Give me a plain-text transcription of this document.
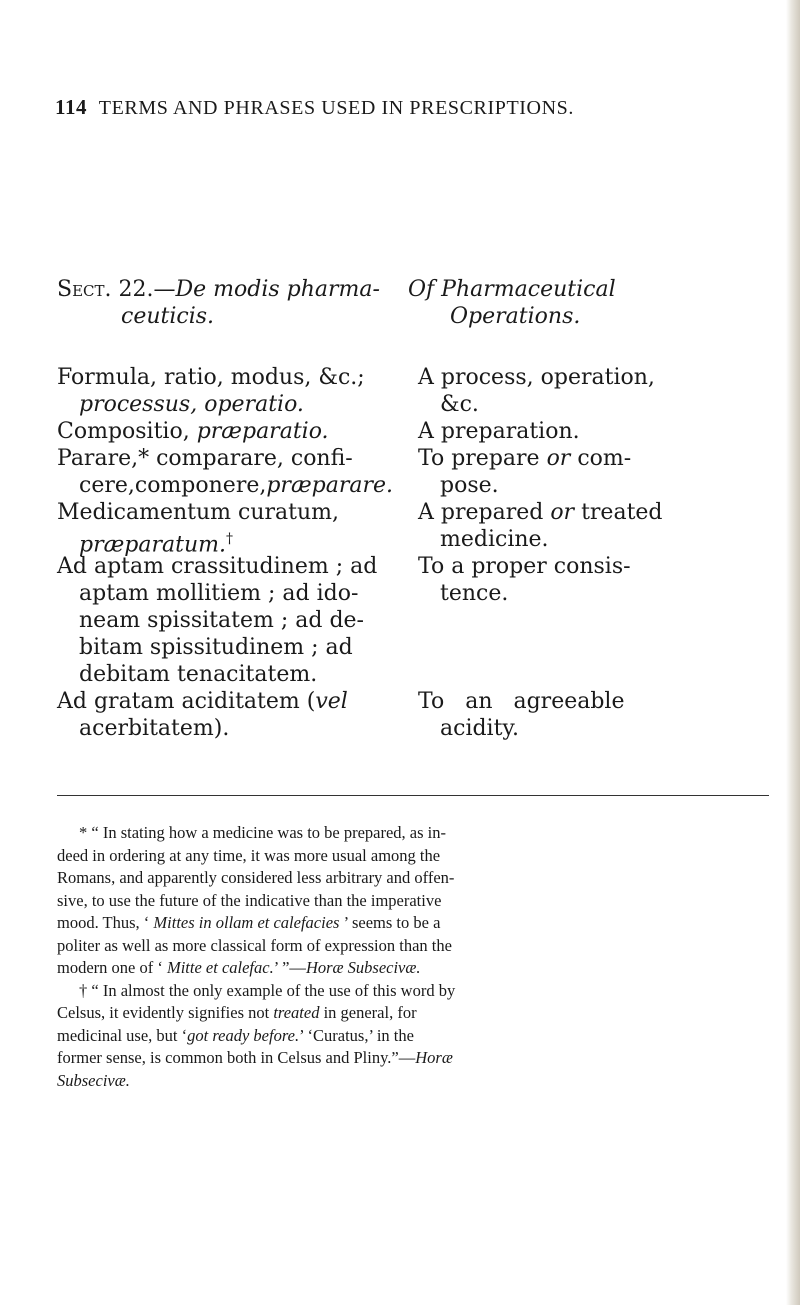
114 TERMS AND PHRASES USED IN PRESCRIPTIONS.
Sect. 22.—De modis pharma-
ceuticis.
Of Pharmaceutical
Operations.
Formula, ratio, modus, &c.;
processus, operatio.
A process, operation,
&c.
Compositio, præparatio.	A preparation.
Parare,* comparare, confi-
cere,componere,præparare.
To prepare or com-
pose.
Medicamentum curatum,
præparatum.†
A prepared or treated
medicine.
Ad aptam crassitudinem ; ad
aptam mollitiem ; ad ido-
neam spissitatem ; ad de-
bitam spissitudinem ; ad
debitam tenacitatem.
To a proper consis-
tence.
Ad gratam aciditatem (vel
acerbitatem).
To an agreeable
acidity.
* “ In stating how a medicine was to be prepared, as in-
deed in ordering at any time, it was more usual among the
Romans, and apparently considered less arbitrary and offen-
sive, to use the future of the indicative than the imperative
mood. Thus, ‘ Mittes in ollam et calefacies ’ seems to be a
politer as well as more classical form of expression than the
modern one of ‘ Mitte et calefac.’ ”—Horæ Subsecivæ.
† “ In almost the only example of the use of this word by
Celsus, it evidently signifies not treated in general, for
medicinal use, but ‘got ready before.’ ‘Curatus,’ in the
former sense, is common both in Celsus and Pliny.”—Horæ
Subsecivæ.
